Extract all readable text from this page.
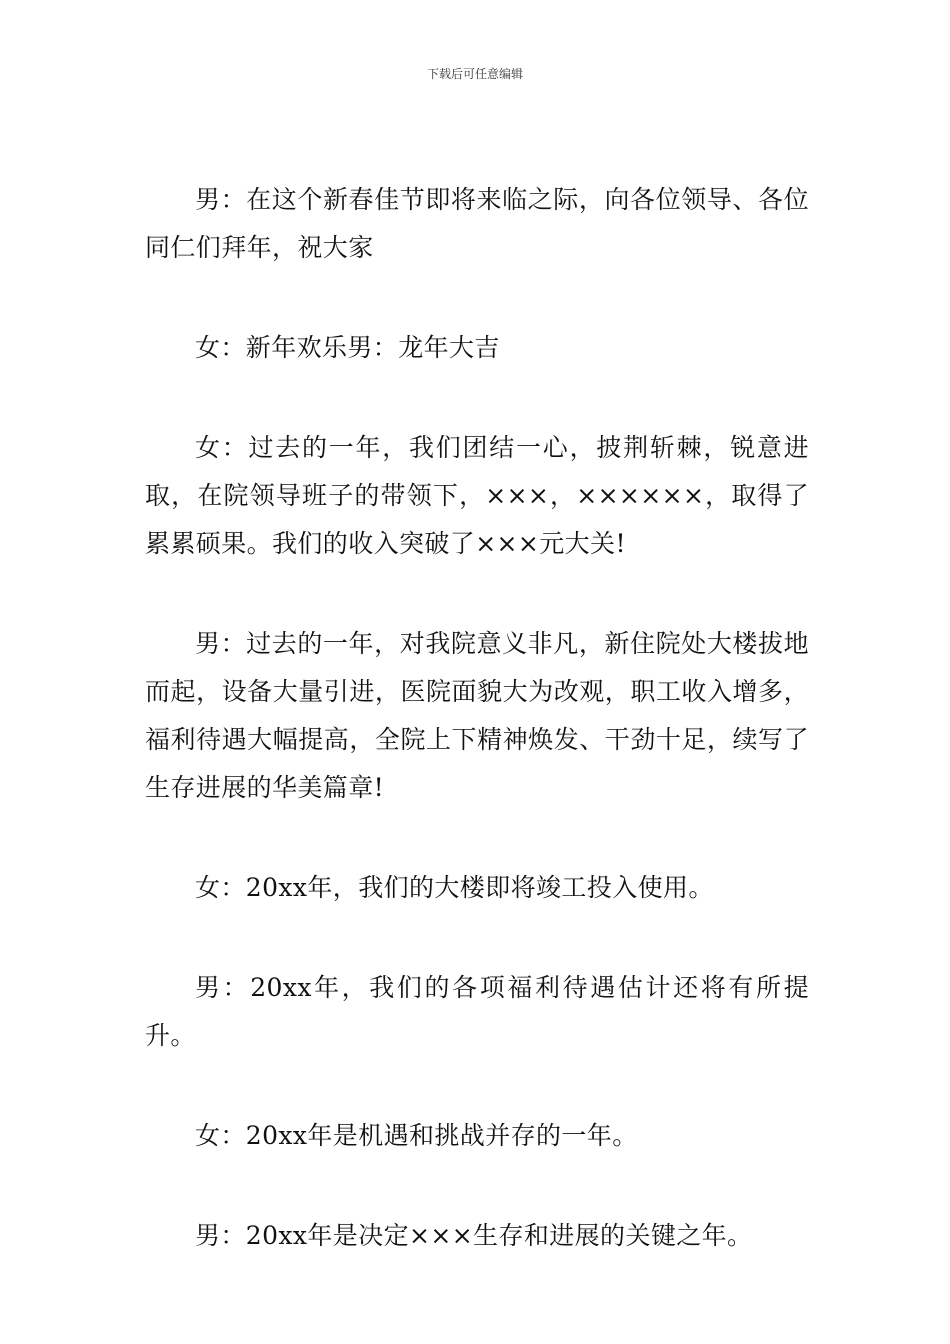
下载后可任意编辑

男：在这个新春佳节即将来临之际，向各位领导、各位同仁们拜年，祝大家

女：新年欢乐男：龙年大吉

女：过去的一年，我们团结一心，披荆斩棘，锐意进取，在院领导班子的带领下，×××，××××××，取得了累累硕果。我们的收入突破了×××元大关!

男：过去的一年，对我院意义非凡，新住院处大楼拔地而起，设备大量引进，医院面貌大为改观，职工收入增多，福利待遇大幅提高，全院上下精神焕发、干劲十足，续写了生存进展的华美篇章!

女：20xx年，我们的大楼即将竣工投入使用。

男：20xx年，我们的各项福利待遇估计还将有所提升。

女：20xx年是机遇和挑战并存的一年。

男：20xx年是决定×××生存和进展的关键之年。
